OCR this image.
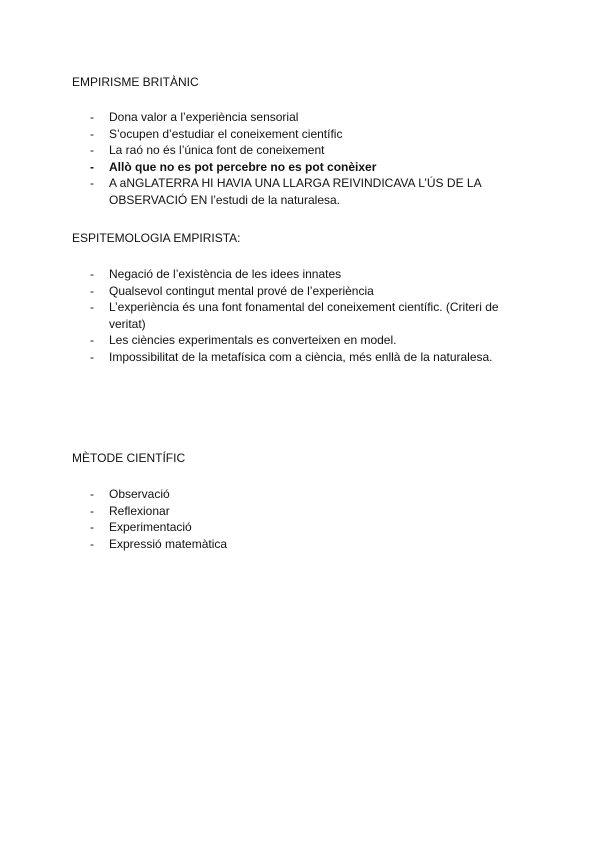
EMPIRISME BRITÀNIC
- Dona valor a l’experiència sensorial
- S’ocupen d’estudiar el coneixement científic
- La raó no és l’única font de coneixement
- Allò que no es pot percebre no es pot conèixer
- A aNGLATERRA HI HAVIA UNA LLARGA REIVINDICAVA L’ÚS DE LA OBSERVACIÓ EN l’estudi de la naturalesa.
ESPITEMOLOGIA EMPIRISTA:
- Negació de l’existència de les idees innates
- Qualsevol contingut mental prové de l’experiència
- L’experiència és una font fonamental del coneixement científic. (Criteri de veritat)
- Les ciències experimentals es converteixen en model.
- Impossibilitat de la metafísica com a ciència, més enllà de la naturalesa.
MÈTODE CIENTÍFIC
- Observació
- Reflexionar
- Experimentació
- Expressió matemàtica
